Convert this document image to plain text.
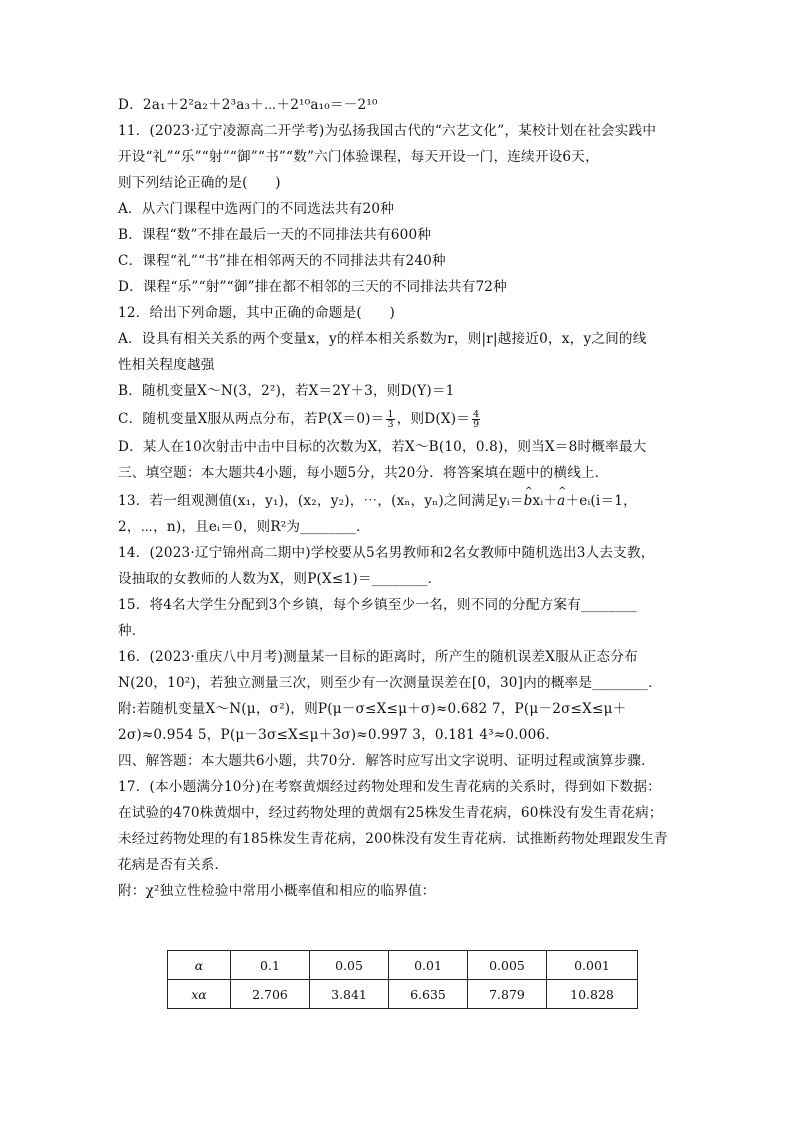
D．2a₁＋2²a₂＋2³a₃＋⋯＋2¹⁰a₁₀＝－2¹⁰
11．(2023·辽宁凌源高二开学考)为弘扬我国古代的“六艺文化”，某校计划在社会实践中
开设“礼”“乐”“射”“御”“书”“数”六门体验课程，每天开设一门，连续开设6天，
则下列结论正确的是(　　)
A．从六门课程中选两门的不同选法共有20种
B．课程“数”不排在最后一天的不同排法共有600种
C．课程“礼”“书”排在相邻两天的不同排法共有240种
D．课程“乐”“射”“御”排在都不相邻的三天的不同排法共有72种
12．给出下列命题，其中正确的命题是(　　)
A．设具有相关关系的两个变量x，y的样本相关系数为r，则|r|越接近0，x，y之间的线
性相关程度越强
B．随机变量X～N(3，2²)，若X＝2Y＋3，则D(Y)＝1
C．随机变量X服从两点分布，若$P(X=0)= \frac{1}{3}$ ，则$D(X)= \frac{4}{9}$
D．某人在10次射击中击中目标的次数为X，若X～B(10，0.8)，则当X＝8时概率最大
三、填空题：本大题共4小题，每小题5分，共20分．将答案填在题中的横线上．
13．若一组观测值(x₁，y₁)，(x₂，y₂)，⋯，(xₙ，yₙ)之间满足yᵢ＝^ bxᵢ＋^ a＋eᵢ(i＝1，
2，⋯，n)，且eᵢ＝0，则R²为________．
14．(2023·辽宁锦州高二期中)学校要从5名男教师和2名女教师中随机选出3人去支教，
设抽取的女教师的人数为X，则P(X≤1)＝________．
15．将4名大学生分配到3个乡镇，每个乡镇至少一名，则不同的分配方案有________
种．
16．(2023·重庆八中月考)测量某一目标的距离时，所产生的随机误差X服从正态分布
N(20，10²)，若独立测量三次，则至少有一次测量误差在[0，30]内的概率是________．
附:若随机变量X～N(μ，σ²)，则P(μ－σ≤X≤μ＋σ)≈0.682 7，P(μ－2σ≤X≤μ＋
2σ)≈0.954 5，P(μ－3σ≤X≤μ＋3σ)≈0.997 3，0.181 4³≈0.006．
四、解答题：本大题共6小题，共70分．解答时应写出文字说明、证明过程或演算步骤．
17．(本小题满分10分)在考察黄烟经过药物处理和发生青花病的关系时，得到如下数据：
在试验的470株黄烟中，经过药物处理的黄烟有25株发生青花病，60株没有发生青花病；
未经过药物处理的有185株发生青花病，200株没有发生青花病．试推断药物处理跟发生青
花病是否有关系．
附：χ²独立性检验中常用小概率值和相应的临界值：
α	0.1	0.05	0.01	0.005	0.001
xα	2.706	3.841	6.635	7.879	10.828
